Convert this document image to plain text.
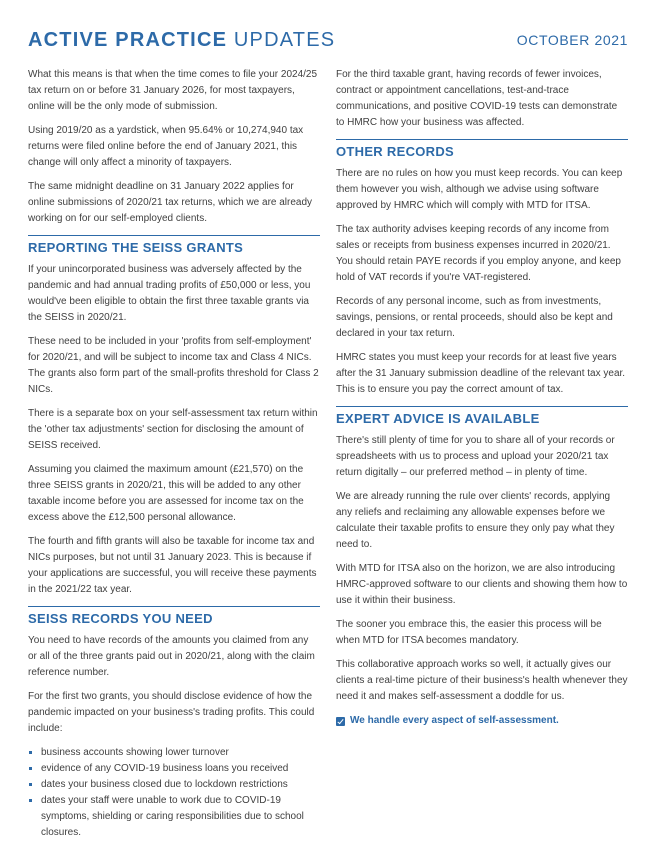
ACTIVE PRACTICE UPDATES	OCTOBER 2021

What this means is that when the time comes to file your 2024/25 tax return on or before 31 January 2026, for most taxpayers, online will be the only mode of submission.

Using 2019/20 as a yardstick, when 95.64% or 10,274,940 tax returns were filed online before the end of January 2021, this change will only affect a minority of taxpayers.

The same midnight deadline on 31 January 2022 applies for online submissions of 2020/21 tax returns, which we are already working on for our self-employed clients.

REPORTING THE SEISS GRANTS

If your unincorporated business was adversely affected by the pandemic and had annual trading profits of £50,000 or less, you would've been eligible to obtain the first three taxable grants via the SEISS in 2020/21.

These need to be included in your 'profits from self-employment' for 2020/21, and will be subject to income tax and Class 4 NICs. The grants also form part of the small-profits threshold for Class 2 NICs.

There is a separate box on your self-assessment tax return within the 'other tax adjustments' section for disclosing the amount of SEISS received.

Assuming you claimed the maximum amount (£21,570) on the three SEISS grants in 2020/21, this will be added to any other taxable income before you are assessed for income tax on the excess above the £12,500 personal allowance.

The fourth and fifth grants will also be taxable for income tax and NICs purposes, but not until 31 January 2023. This is because if your applications are successful, you will receive these payments in the 2021/22 tax year.

SEISS RECORDS YOU NEED

You need to have records of the amounts you claimed from any or all of the three grants paid out in 2020/21, along with the claim reference number.

For the first two grants, you should disclose evidence of how the pandemic impacted on your business's trading profits. This could include:

business accounts showing lower turnover
evidence of any COVID-19 business loans you received
dates your business closed due to lockdown restrictions
dates your staff were unable to work due to COVID-19 symptoms, shielding or caring responsibilities due to school closures.

For the third taxable grant, having records of fewer invoices, contract or appointment cancellations, test-and-trace communications, and positive COVID-19 tests can demonstrate to HMRC how your business was affected.

OTHER RECORDS

There are no rules on how you must keep records. You can keep them however you wish, although we advise using software approved by HMRC which will comply with MTD for ITSA.

The tax authority advises keeping records of any income from sales or receipts from business expenses incurred in 2020/21. You should retain PAYE records if you employ anyone, and keep hold of VAT records if you're VAT-registered.

Records of any personal income, such as from investments, savings, pensions, or rental proceeds, should also be kept and declared in your tax return.

HMRC states you must keep your records for at least five years after the 31 January submission deadline of the relevant tax year. This is to ensure you pay the correct amount of tax.

EXPERT ADVICE IS AVAILABLE

There's still plenty of time for you to share all of your records or spreadsheets with us to process and upload your 2020/21 tax return digitally – our preferred method – in plenty of time.

We are already running the rule over clients' records, applying any reliefs and reclaiming any allowable expenses before we calculate their taxable profits to ensure they only pay what they need to.

With MTD for ITSA also on the horizon, we are also introducing HMRC-approved software to our clients and showing them how to use it within their business.

The sooner you embrace this, the easier this process will be when MTD for ITSA becomes mandatory.

This collaborative approach works so well, it actually gives our clients a real-time picture of their business's health whenever they need it and makes self-assessment a doddle for us.

We handle every aspect of self-assessment.
